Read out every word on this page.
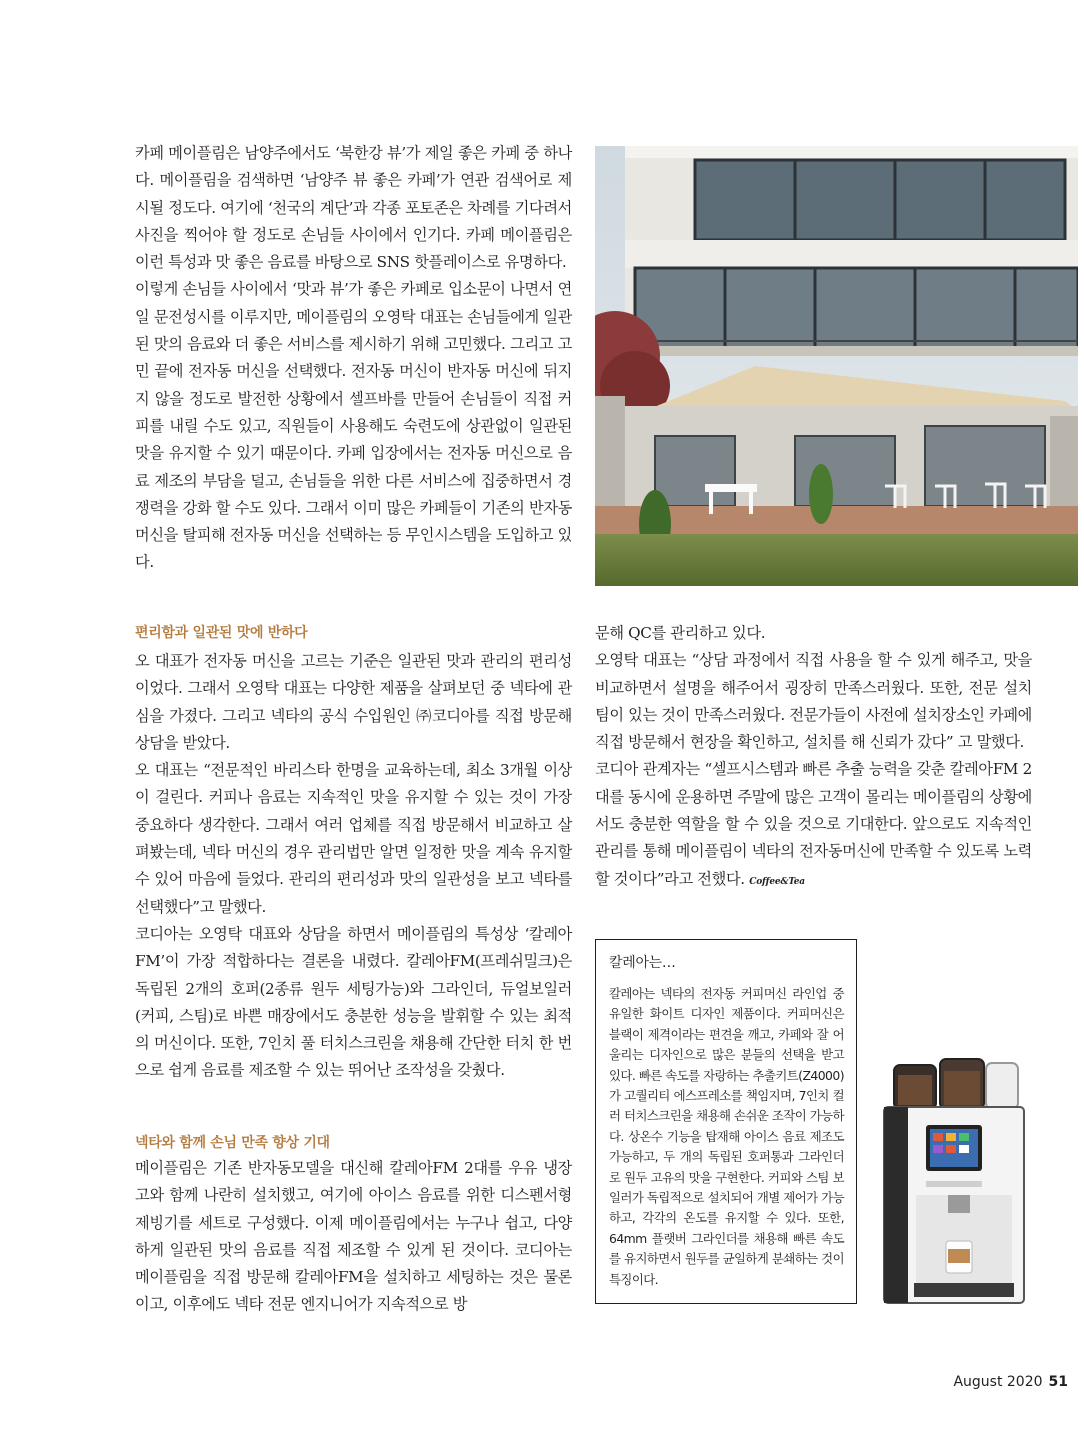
카페 메이플림은 남양주에서도 ‘북한강 뷰’가 제일 좋은 카페 중 하나다. 메이플림을 검색하면 ‘남양주 뷰 좋은 카페’가 연관 검색어로 제시될 정도다. 여기에 ‘천국의 계단’과 각종 포토존은 차례를 기다려서 사진을 찍어야 할 정도로 손님들 사이에서 인기다. 카페 메이플림은 이런 특성과 맛 좋은 음료를 바탕으로 SNS 핫플레이스로 유명하다.

이렇게 손님들 사이에서 ‘맛과 뷰’가 좋은 카페로 입소문이 나면서 연일 문전성시를 이루지만, 메이플림의 오영탁 대표는 손님들에게 일관된 맛의 음료와 더 좋은 서비스를 제시하기 위해 고민했다. 그리고 고민 끝에 전자동 머신을 선택했다. 전자동 머신이 반자동 머신에 뒤지지 않을 정도로 발전한 상황에서 셀프바를 만들어 손님들이 직접 커피를 내릴 수도 있고, 직원들이 사용해도 숙련도에 상관없이 일관된 맛을 유지할 수 있기 때문이다. 카페 입장에서는 전자동 머신으로 음료 제조의 부담을 덜고, 손님들을 위한 다른 서비스에 집중하면서 경쟁력을 강화 할 수도 있다. 그래서 이미 많은 카페들이 기존의 반자동머신을 탈피해 전자동 머신을 선택하는 등 무인시스템을 도입하고 있다.

편리함과 일관된 맛에 반하다

오 대표가 전자동 머신을 고르는 기준은 일관된 맛과 관리의 편리성이었다. 그래서 오영탁 대표는 다양한 제품을 살펴보던 중 넥타에 관심을 가졌다. 그리고 넥타의 공식 수입원인 ㈜코디아를 직접 방문해 상담을 받았다.

오 대표는 “전문적인 바리스타 한명을 교육하는데, 최소 3개월 이상이 걸린다. 커피나 음료는 지속적인 맛을 유지할 수 있는 것이 가장 중요하다 생각한다. 그래서 여러 업체를 직접 방문해서 비교하고 살펴봤는데, 넥타 머신의 경우 관리법만 알면 일정한 맛을 계속 유지할 수 있어 마음에 들었다. 관리의 편리성과 맛의 일관성을 보고 넥타를 선택했다”고 말했다.

코디아는 오영탁 대표와 상담을 하면서 메이플림의 특성상 ‘칼레아FM’이 가장 적합하다는 결론을 내렸다. 칼레아FM(프레쉬밀크)은 독립된 2개의 호퍼(2종류 원두 세팅가능)와 그라인더, 듀얼보일러(커피, 스팀)로 바쁜 매장에서도 충분한 성능을 발휘할 수 있는 최적의 머신이다. 또한, 7인치 풀 터치스크린을 채용해 간단한 터치 한 번으로 쉽게 음료를 제조할 수 있는 뛰어난 조작성을 갖췄다.

넥타와 함께 손님 만족 향상 기대

메이플림은 기존 반자동모델을 대신해 칼레아FM 2대를 우유 냉장고와 함께 나란히 설치했고, 여기에 아이스 음료를 위한 디스펜서형 제빙기를 세트로 구성했다. 이제 메이플림에서는 누구나 쉽고, 다양하게 일관된 맛의 음료를 직접 제조할 수 있게 된 것이다. 코디아는 메이플림을 직접 방문해 칼레아FM을 설치하고 세팅하는 것은 물론이고, 이후에도 넥타 전문 엔지니어가 지속적으로 방

문해 QC를 관리하고 있다.

오영탁 대표는 “상담 과정에서 직접 사용을 할 수 있게 해주고, 맛을 비교하면서 설명을 해주어서 굉장히 만족스러웠다. 또한, 전문 설치팀이 있는 것이 만족스러웠다. 전문가들이 사전에 설치장소인 카페에 직접 방문해서 현장을 확인하고, 설치를 해 신뢰가 갔다” 고 말했다.

코디아 관계자는 “셀프시스템과 빠른 추출 능력을 갖춘 칼레아FM 2대를 동시에 운용하면 주말에 많은 고객이 몰리는 메이플림의 상황에서도 충분한 역할을 할 수 있을 것으로 기대한다. 앞으로도 지속적인 관리를 통해 메이플림이 넥타의 전자동머신에 만족할 수 있도록 노력할 것이다”라고 전했다. Coffee&Tea

칼레아는…

칼레아는 넥타의 전자동 커피머신 라인업 중 유일한 화이트 디자인 제품이다. 커피머신은 블랙이 제격이라는 편견을 깨고, 카페와 잘 어울리는 디자인으로 많은 분들의 선택을 받고 있다. 빠른 속도를 자랑하는 추출키트(Z4000)가 고퀄리티 에스프레소를 책임지며, 7인치 컬러 터치스크린을 채용해 손쉬운 조작이 가능하다. 상온수 기능을 탑재해 아이스 음료 제조도 가능하고, 두 개의 독립된 호퍼통과 그라인더로 원두 고유의 맛을 구현한다. 커피와 스팀 보일러가 독립적으로 설치되어 개별 제어가 가능하고, 각각의 온도를 유지할 수 있다. 또한, 64mm 플랫버 그라인더를 채용해 빠른 속도를 유지하면서 원두를 균일하게 분쇄하는 것이 특징이다.

August 2020 51
